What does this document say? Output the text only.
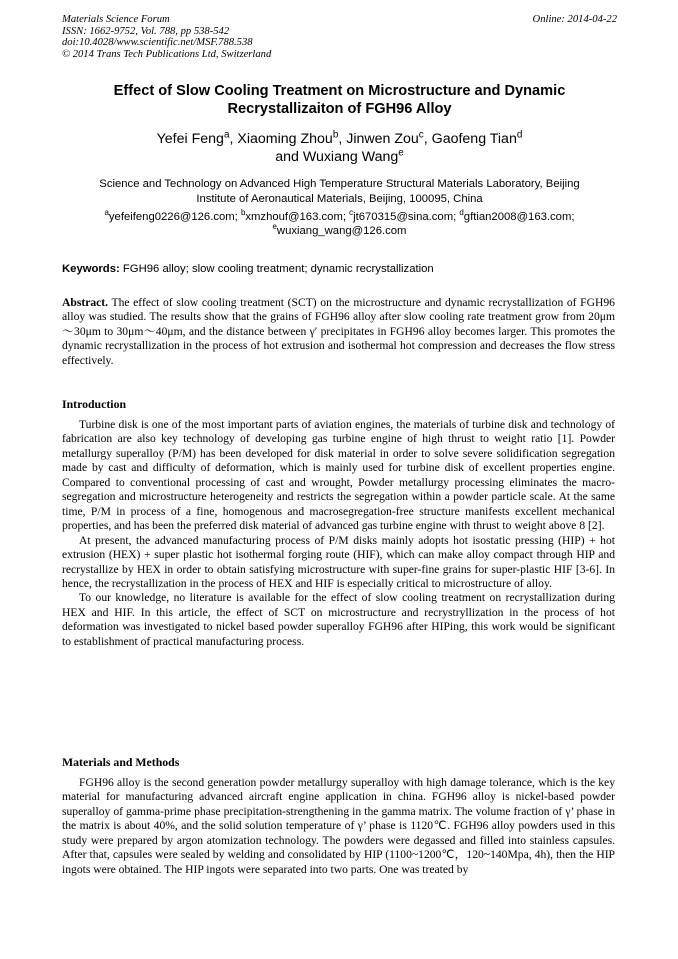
Materials Science Forum
ISSN: 1662-9752, Vol. 788, pp 538-542
doi:10.4028/www.scientific.net/MSF.788.538
© 2014 Trans Tech Publications Ltd, Switzerland
Online: 2014-04-22
Effect of Slow Cooling Treatment on Microstructure and Dynamic
Recrystallizaiton of FGH96 Alloy
Yefei Feng$^a$, Xiaoming Zhou$^b$, Jinwen Zou$^c$, Gaofeng Tian$^d$
and Wuxiang Wang$^e$
Science and Technology on Advanced High Temperature Structural Materials Laboratory, Beijing
Institute of Aeronautical Materials, Beijing, 100095, China
$^a$yefeifeng0226@126.com; $^b$xmzhouf@163.com; $^c$jt670315@sina.com; $^d$gftian2008@163.com;
$^e$wuxiang_wang@126.com
Keywords: FGH96 alloy; slow cooling treatment; dynamic recrystallization

Abstract. The effect of slow cooling treatment (SCT) on the microstructure and dynamic recrystallization of FGH96 alloy was studied. The results show that the grains of FGH96 alloy after slow cooling rate treatment grow from 20μm～30μm to 30μm～40μm, and the distance between γ′ precipitates in FGH96 alloy becomes larger. This promotes the dynamic recrystallization in the process of hot extrusion and isothermal hot compression and decreases the flow stress effectively.

Introduction

Turbine disk is one of the most important parts of aviation engines, the materials of turbine disk and technology of fabrication are also key technology of developing gas turbine engine of high thrust to weight ratio [1]. Powder metallurgy superalloy (P/M) has been developed for disk material in order to solve severe solidification segregation made by cast and difficulty of deformation, which is mainly used for turbine disk of excellent properties engine. Compared to conventional processing of cast and wrought, Powder metallurgy processing eliminates the macro- segregation and microstructure heterogeneity and restricts the segregation within a powder particle scale. At the same time, P/M in process of a fine, homogenous and macrosegregation-free structure manifests excellent mechanical properties, and has been the preferred disk material of advanced gas turbine engine with thrust to weight above 8 [2].

At present, the advanced manufacturing process of P/M disks mainly adopts hot isostatic pressing (HIP) + hot extrusion (HEX) + super plastic hot isothermal forging route (HIF), which can make alloy compact through HIP and recrystallize by HEX in order to obtain satisfying microstructure with super-fine grains for super-plastic HIF [3-6]. In hence, the recrystallization in the process of HEX and HIF is especially critical to microstructure of alloy.

To our knowledge, no literature is available for the effect of slow cooling treatment on recrystallization during HEX and HIF. In this article, the effect of SCT on microstructure and recrystryllization in the process of hot deformation was investigated to nickel based powder superalloy FGH96 after HIPing, this work would be significant to establishment of practical manufacturing process.

Materials and Methods

FGH96 alloy is the second generation powder metallurgy superalloy with high damage tolerance, which is the key material for manufacturing advanced aircraft engine application in china. FGH96 alloy is nickel-based powder superalloy of gamma-prime phase precipitation-strengthening in the gamma matrix. The volume fraction of γ’ phase in the matrix is about 40%, and the solid solution temperature of γ’ phase is 1120℃. FGH96 alloy powders used in this study were prepared by argon atomization technology. The powders were degassed and filled into stainless capsules. After that, capsules were sealed by welding and consolidated by HIP (1100~1200℃，120~140Mpa, 4h), then the HIP ingots were obtained. The HIP ingots were separated into two parts. One was treated by
